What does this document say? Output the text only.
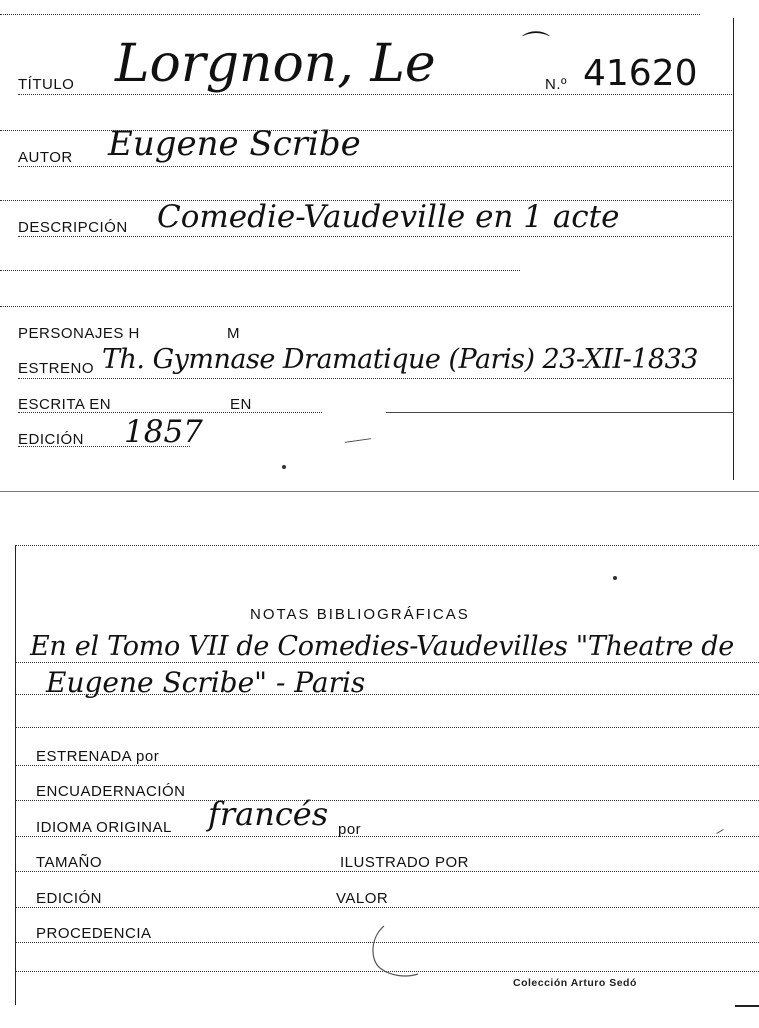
TÍTULO Lorgnon, Le	N.º 41620
⌒
AUTOR Eugene Scribe
DESCRIPCIÓN Comedie-Vaudeville en 1 acte
PERSONAJES H	M
ESTRENO Th. Gymnase Dramatique (Paris) 23-XII-1833
ESCRITA EN	EN
EDICIÓN 1857
NOTAS BIBLIOGRÁFICAS
En el Tomo VII de Comedies-Vaudevilles "Theatre de
Eugene Scribe" - Paris
ESTRENADA por
ENCUADERNACIÓN
IDIOMA ORIGINAL francés por
TAMAÑO	ILUSTRADO POR
EDICIÓN	VALOR
PROCEDENCIA
Colección Arturo Sedó
